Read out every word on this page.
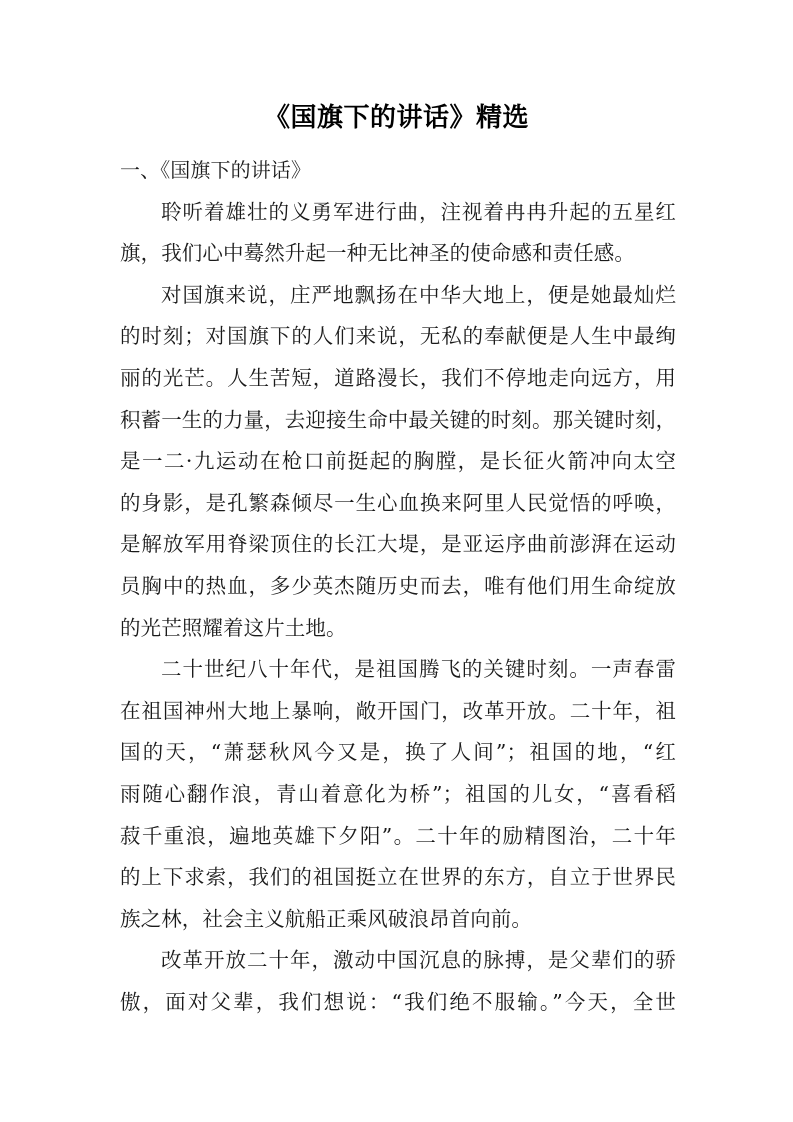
《国旗下的讲话》精选
一、《国旗下的讲话》
聆听着雄壮的义勇军进行曲，注视着冉冉升起的五星红
旗，我们心中蓦然升起一种无比神圣的使命感和责任感。
对国旗来说，庄严地飘扬在中华大地上，便是她最灿烂
的时刻；对国旗下的人们来说，无私的奉献便是人生中最绚
丽的光芒。人生苦短，道路漫长，我们不停地走向远方，用
积蓄一生的力量，去迎接生命中最关键的时刻。那关键时刻，
是一二·九运动在枪口前挺起的胸膛，是长征火箭冲向太空
的身影，是孔繁森倾尽一生心血换来阿里人民觉悟的呼唤，
是解放军用脊梁顶住的长江大堤，是亚运序曲前澎湃在运动
员胸中的热血，多少英杰随历史而去，唯有他们用生命绽放
的光芒照耀着这片土地。
二十世纪八十年代，是祖国腾飞的关键时刻。一声春雷
在祖国神州大地上暴响，敞开国门，改革开放。二十年，祖
国的天，“萧瑟秋风今又是，换了人间”；祖国的地，“红
雨随心翻作浪，青山着意化为桥”；祖国的儿女，“喜看稻
菽千重浪，遍地英雄下夕阳”。二十年的励精图治，二十年
的上下求索，我们的祖国挺立在世界的东方，自立于世界民
族之林，社会主义航船正乘风破浪昂首向前。
改革开放二十年，激动中国沉息的脉搏，是父辈们的骄
傲，面对父辈，我们想说：“我们绝不服输。”今天，全世
